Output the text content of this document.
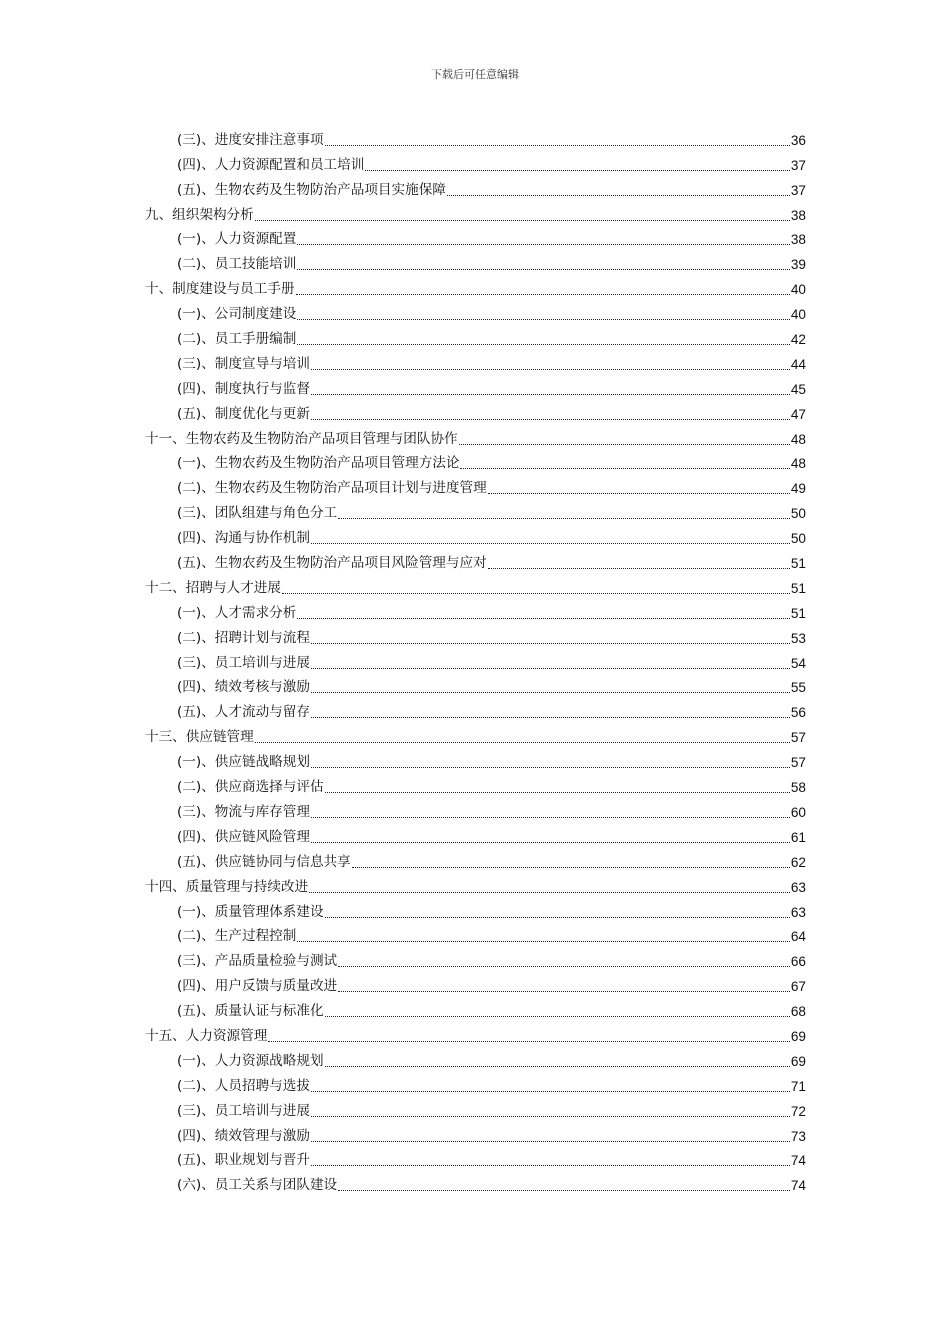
下载后可任意编辑
(三)、进度安排注意事项	36
(四)、人力资源配置和员工培训	37
(五)、生物农药及生物防治产品项目实施保障	37
九、组织架构分析	38
(一)、人力资源配置	38
(二)、员工技能培训	39
十、制度建设与员工手册	40
(一)、公司制度建设	40
(二)、员工手册编制	42
(三)、制度宣导与培训	44
(四)、制度执行与监督	45
(五)、制度优化与更新	47
十一、生物农药及生物防治产品项目管理与团队协作	48
(一)、生物农药及生物防治产品项目管理方法论	48
(二)、生物农药及生物防治产品项目计划与进度管理	49
(三)、团队组建与角色分工	50
(四)、沟通与协作机制	50
(五)、生物农药及生物防治产品项目风险管理与应对	51
十二、招聘与人才进展	51
(一)、人才需求分析	51
(二)、招聘计划与流程	53
(三)、员工培训与进展	54
(四)、绩效考核与激励	55
(五)、人才流动与留存	56
十三、供应链管理	57
(一)、供应链战略规划	57
(二)、供应商选择与评估	58
(三)、物流与库存管理	60
(四)、供应链风险管理	61
(五)、供应链协同与信息共享	62
十四、质量管理与持续改进	63
(一)、质量管理体系建设	63
(二)、生产过程控制	64
(三)、产品质量检验与测试	66
(四)、用户反馈与质量改进	67
(五)、质量认证与标准化	68
十五、人力资源管理	69
(一)、人力资源战略规划	69
(二)、人员招聘与选拔	71
(三)、员工培训与进展	72
(四)、绩效管理与激励	73
(五)、职业规划与晋升	74
(六)、员工关系与团队建设	74
